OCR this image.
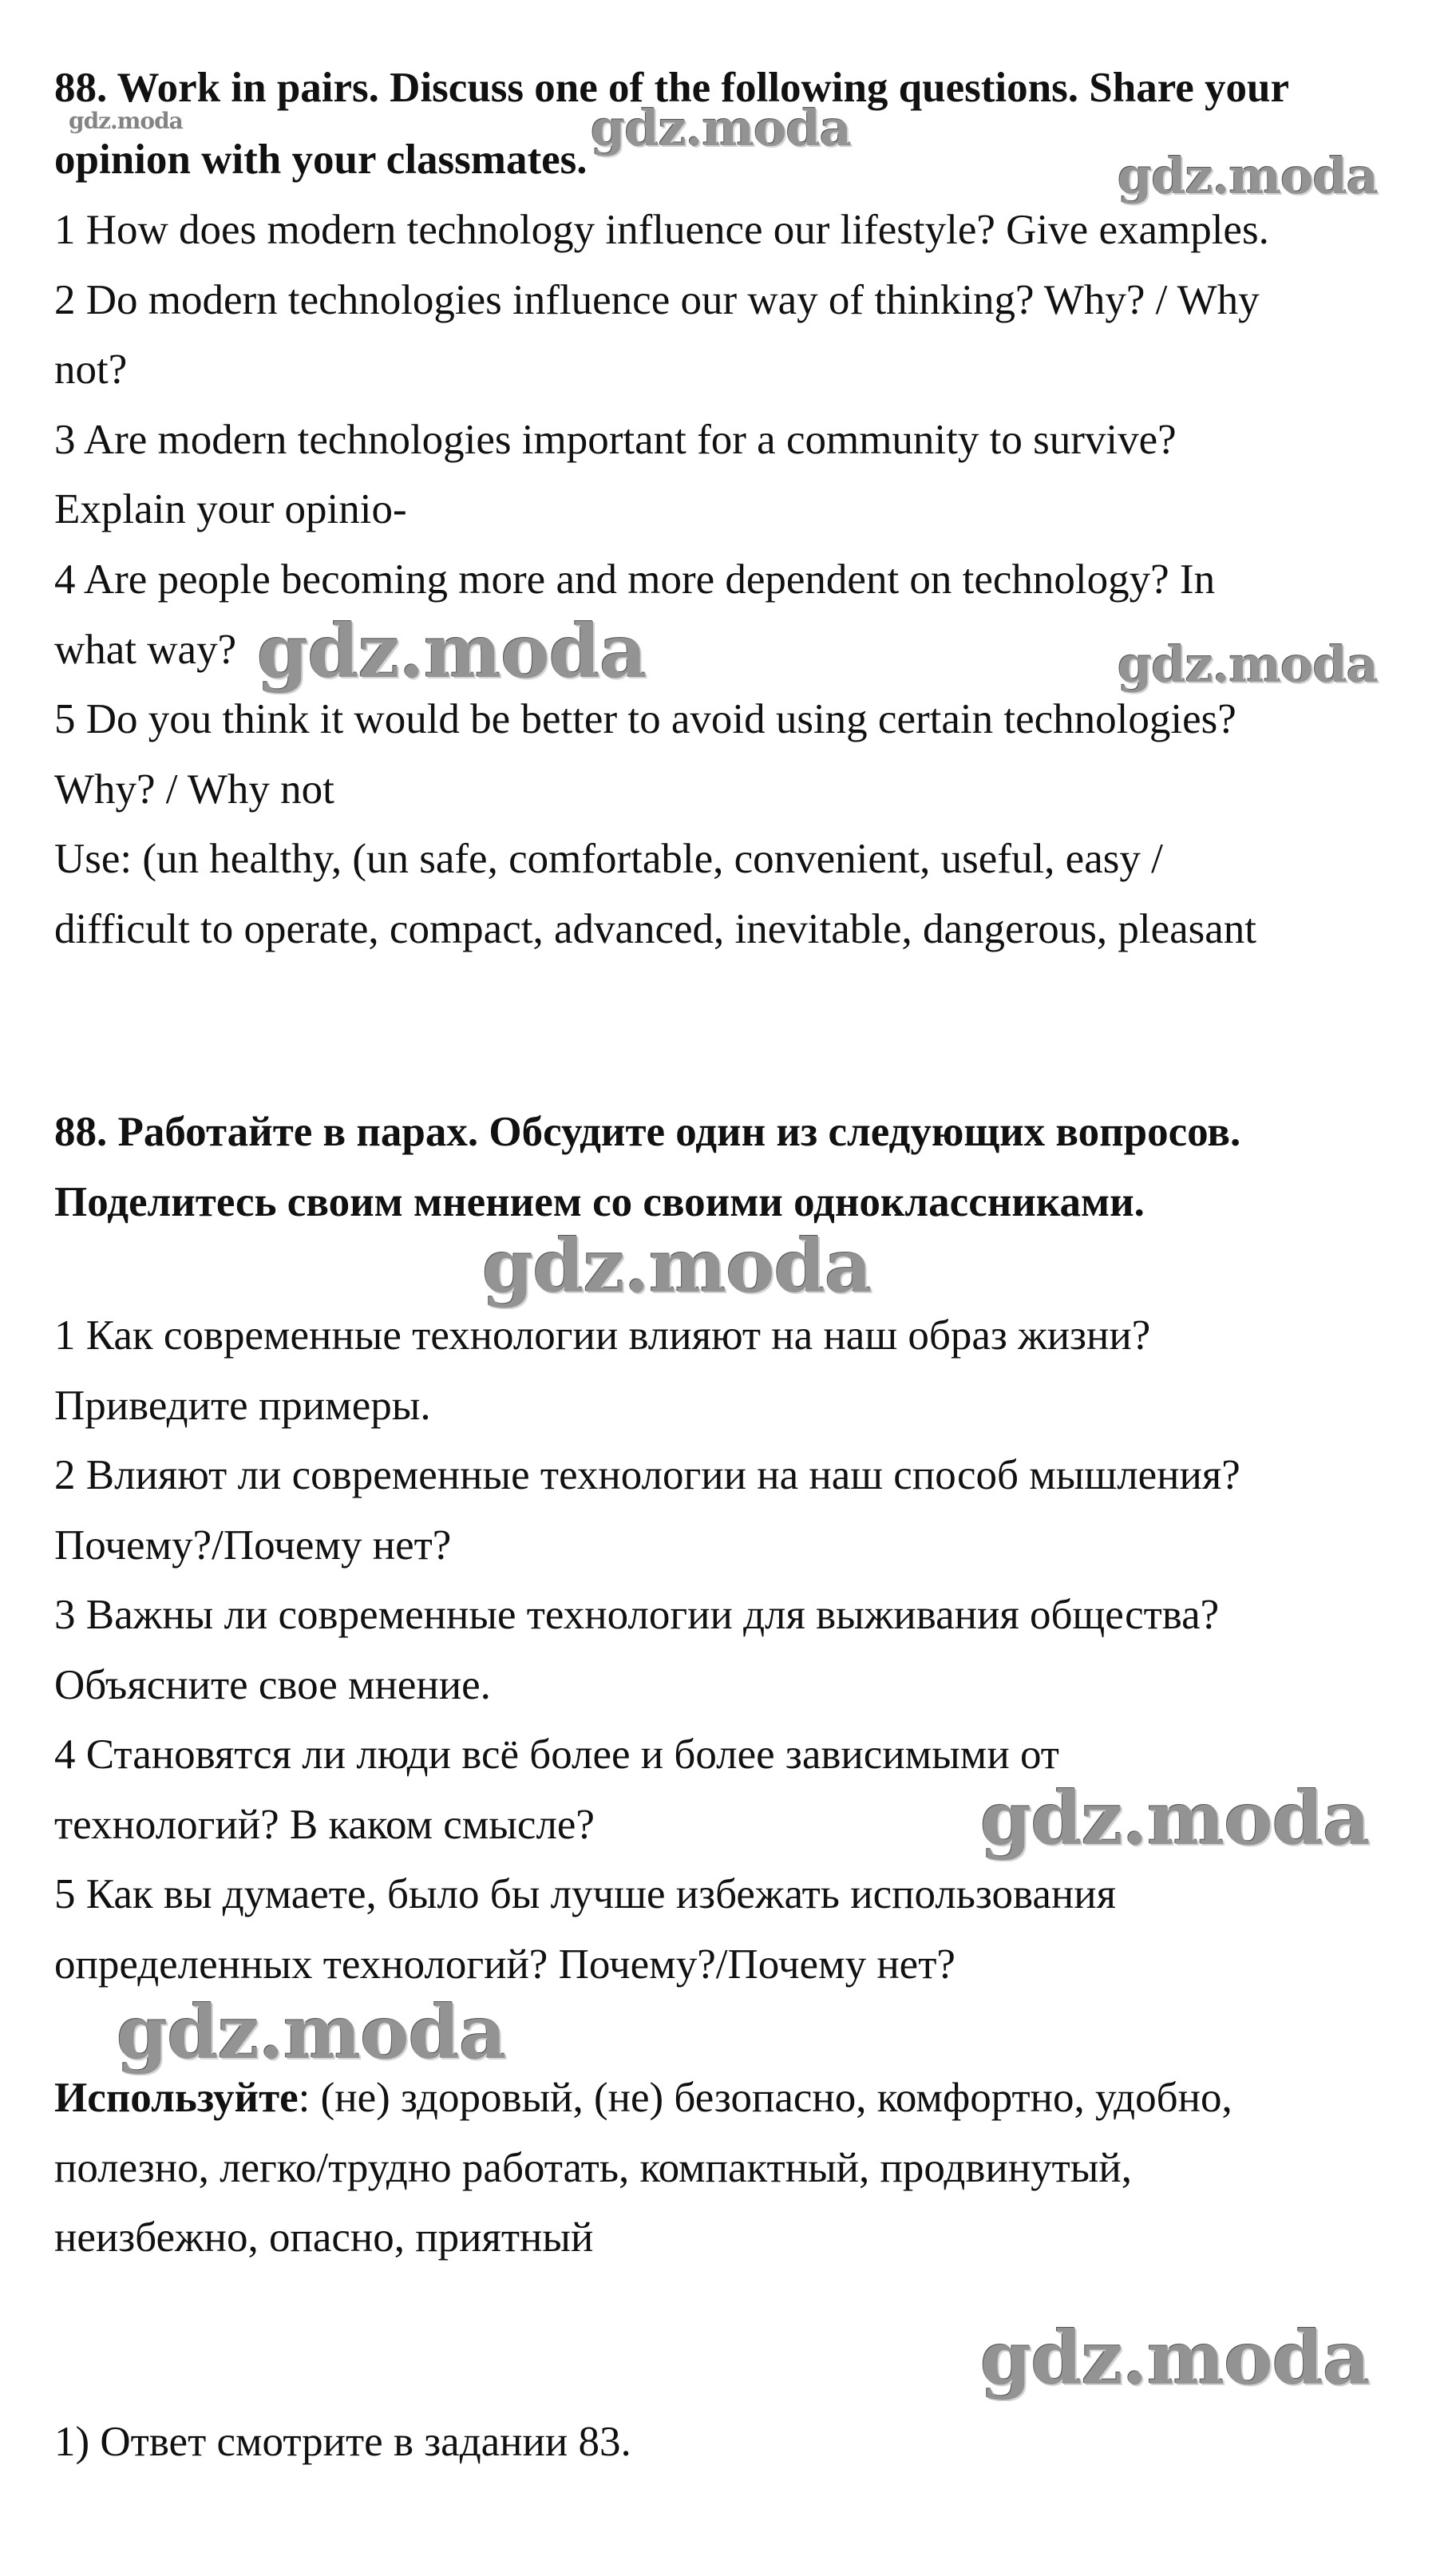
88. Work in pairs. Discuss one of the following questions. Share your
opinion with your classmates.
1 How does modern technology influence our lifestyle? Give examples.
2 Do modern technologies influence our way of thinking? Why? / Why
not?
3 Are modern technologies important for a community to survive?
Explain your opinio-
4 Are people becoming more and more dependent on technology? In
what way?
5 Do you think it would be better to avoid using certain technologies?
Why? / Why not
Use: (un healthy, (un safe, comfortable, convenient, useful, easy /
difficult to operate, compact, advanced, inevitable, dangerous, pleasant
88. Работайте в парах. Обсудите один из следующих вопросов.
Поделитесь своим мнением со своими одноклассниками.
1 Как современные технологии влияют на наш образ жизни?
Приведите примеры.
2 Влияют ли современные технологии на наш способ мышления?
Почему?/Почему нет?
3 Важны ли современные технологии для выживания общества?
Объясните свое мнение.
4 Становятся ли люди всё более и более зависимыми от
технологий? В каком смысле?
5 Как вы думаете, было бы лучше избежать использования
определенных технологий? Почему?/Почему нет?
Используйте: (не) здоровый, (не) безопасно, комфортно, удобно,
полезно, легко/трудно работать, компактный, продвинутый,
неизбежно, опасно, приятный
1) Ответ смотрите в задании 83.
gdz.moda	gdz.moda
gdz.moda
gdz.moda	gdz.moda
gdz.moda
gdz.moda
gdz.moda
gdz.moda
